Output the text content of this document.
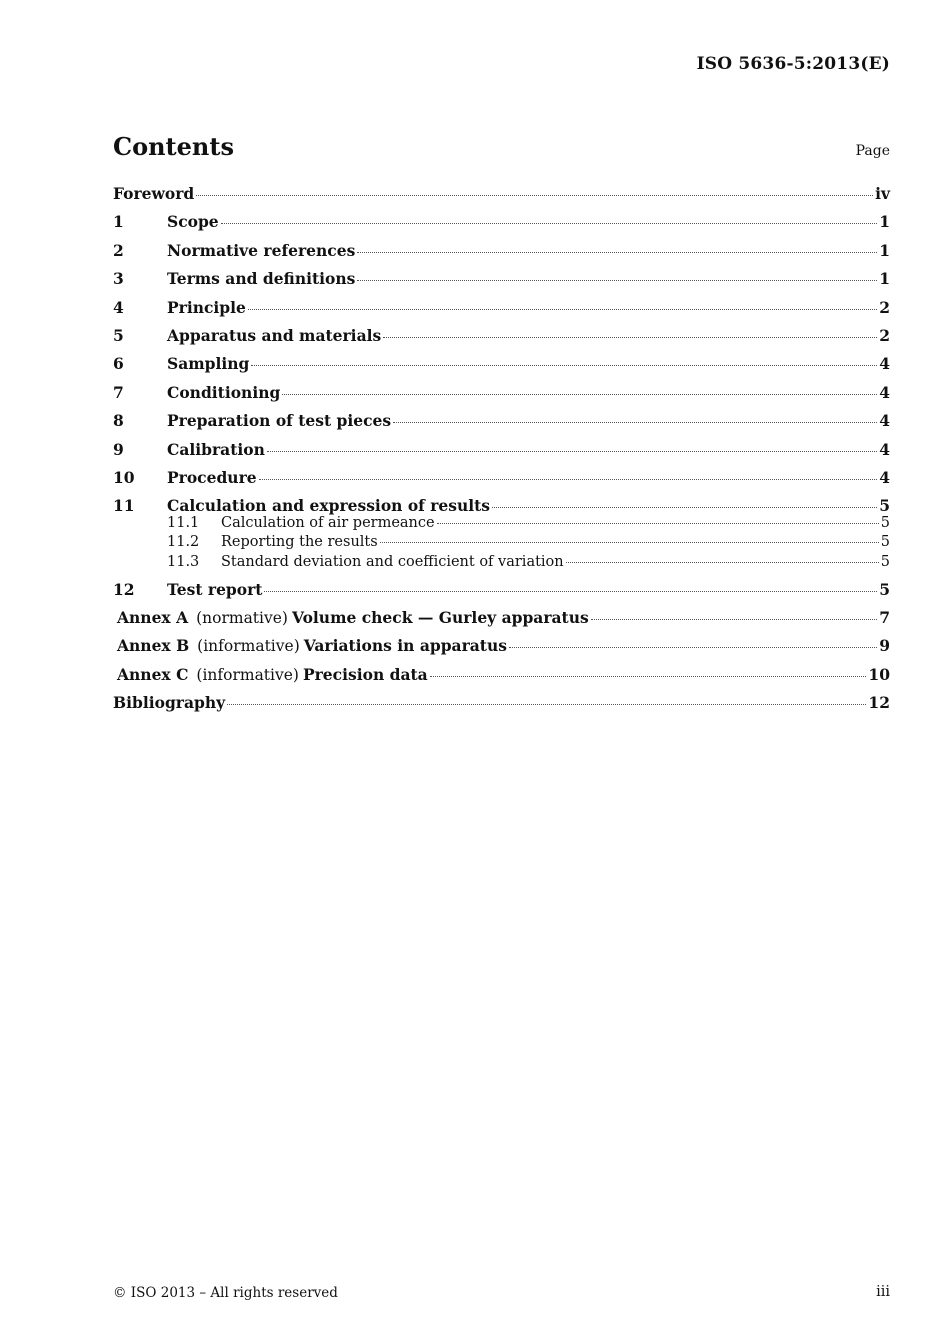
ISO 5636-5:2013(E)
Contents	Page
Foreword	iv
1	Scope	1
2	Normative references	1
3	Terms and definitions	1
4	Principle	2
5	Apparatus and materials	2
6	Sampling	4
7	Conditioning	4
8	Preparation of test pieces	4
9	Calibration	4
10	Procedure	4
11	Calculation and expression of results	5
11.1	Calculation of air permeance	5
11.2	Reporting the results	5
11.3	Standard deviation and coefficient of variation	5
12	Test report	5
Annex A (normative) Volume check — Gurley apparatus	7
Annex B (informative) Variations in apparatus	9
Annex C (informative) Precision data	10
Bibliography	12
© ISO 2013 – All rights reserved	iii
